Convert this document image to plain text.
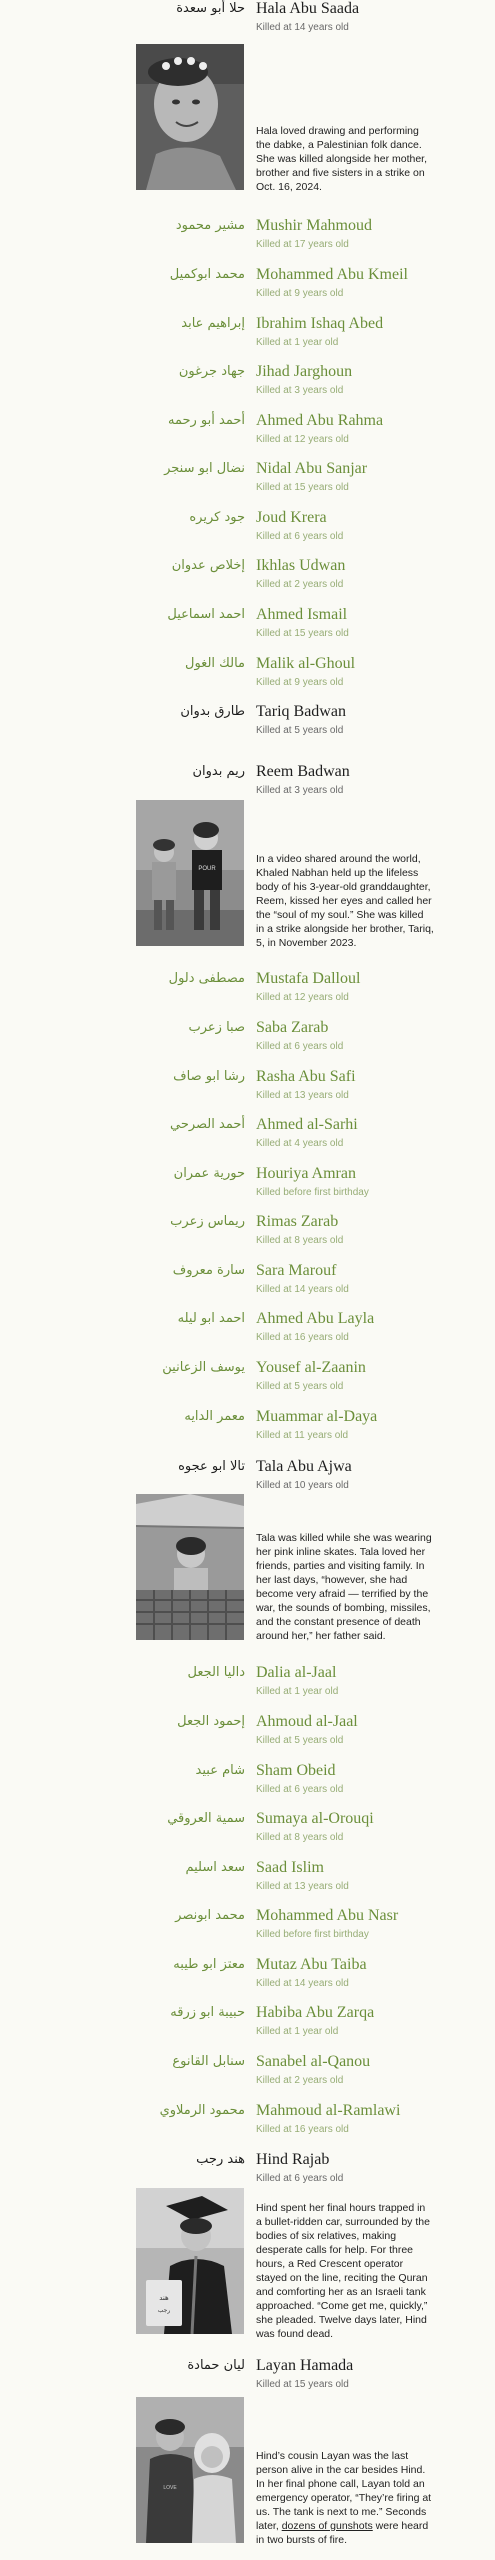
حلا أبو سعدة Hala Abu Saada
Killed at 14 years old
Hala loved drawing and performing the dabke, a Palestinian folk dance. She was killed alongside her mother, brother and five sisters in a strike on Oct. 16, 2024.
مشير محمود Mushir Mahmoud
Killed at 17 years old
محمد ابوكميل Mohammed Abu Kmeil
Killed at 9 years old
إبراهيم عابد Ibrahim Ishaq Abed
Killed at 1 year old
جهاد جرغون Jihad Jarghoun
Killed at 3 years old
أحمد أبو رحمه Ahmed Abu Rahma
Killed at 12 years old
نضال ابو سنجر Nidal Abu Sanjar
Killed at 15 years old
جود كريره Joud Krera
Killed at 6 years old
إخلاص عدوان Ikhlas Udwan
Killed at 2 years old
احمد اسماعيل Ahmed Ismail
Killed at 15 years old
مالك الغول Malik al-Ghoul
Killed at 9 years old
طارق بدوان Tariq Badwan
Killed at 5 years old
ريم بدوان Reem Badwan
Killed at 3 years old
POUR
In a video shared around the world, Khaled Nabhan held up the lifeless body of his 3-year-old granddaughter, Reem, kissed her eyes and called her the “soul of my soul.” She was killed in a strike alongside her brother, Tariq, 5, in November 2023.
مصطفى دلول Mustafa Dalloul
Killed at 12 years old
صبا زعرب Saba Zarab
Killed at 6 years old
رشا ابو صاف Rasha Abu Safi
Killed at 13 years old
أحمد الصرحي Ahmed al-Sarhi
Killed at 4 years old
حورية عمران Houriya Amran
Killed before first birthday
ريماس زعرب Rimas Zarab
Killed at 8 years old
سارة معروف Sara Marouf
Killed at 14 years old
احمد ابو ليله Ahmed Abu Layla
Killed at 16 years old
يوسف الزعانين Yousef al-Zaanin
Killed at 5 years old
معمر الدايه Muammar al-Daya
Killed at 11 years old
تالا ابو عجوه Tala Abu Ajwa
Killed at 10 years old
Tala was killed while she was wearing her pink inline skates. Tala loved her friends, parties and visiting family. In her last days, “however, she had become very afraid — terrified by the war, the sounds of bombing, missiles, and the constant presence of death around her,” her father said.
داليا الجعل Dalia al-Jaal
Killed at 1 year old
إحمود الجعل Ahmoud al-Jaal
Killed at 5 years old
شام عبيد Sham Obeid
Killed at 6 years old
سمية العروقي Sumaya al-Orouqi
Killed at 8 years old
سعد اسليم Saad Islim
Killed at 13 years old
محمد ابونصر Mohammed Abu Nasr
Killed before first birthday
معتز ابو طيبه Mutaz Abu Taiba
Killed at 14 years old
حبيبة ابو زرقه Habiba Abu Zarqa
Killed at 1 year old
سنابل القانوع Sanabel al-Qanou
Killed at 2 years old
محمود الرملاوي Mahmoud al-Ramlawi
Killed at 16 years old
هند رجب Hind Rajab
Killed at 6 years old
هند
رجب
Hind spent her final hours trapped in a bullet-ridden car, surrounded by the bodies of six relatives, making desperate calls for help. For three hours, a Red Crescent operator stayed on the line, reciting the Quran and comforting her as an Israeli tank approached. “Come get me, quickly,” she pleaded. Twelve days later, Hind was found dead.
ليان حمادة Layan Hamada
Killed at 15 years old
LOVE
Hind’s cousin Layan was the last person alive in the car besides Hind. In her final phone call, Layan told an emergency operator, “They’re firing at us. The tank is next to me.” Seconds later, dozens of gunshots were heard in two bursts of fire.
